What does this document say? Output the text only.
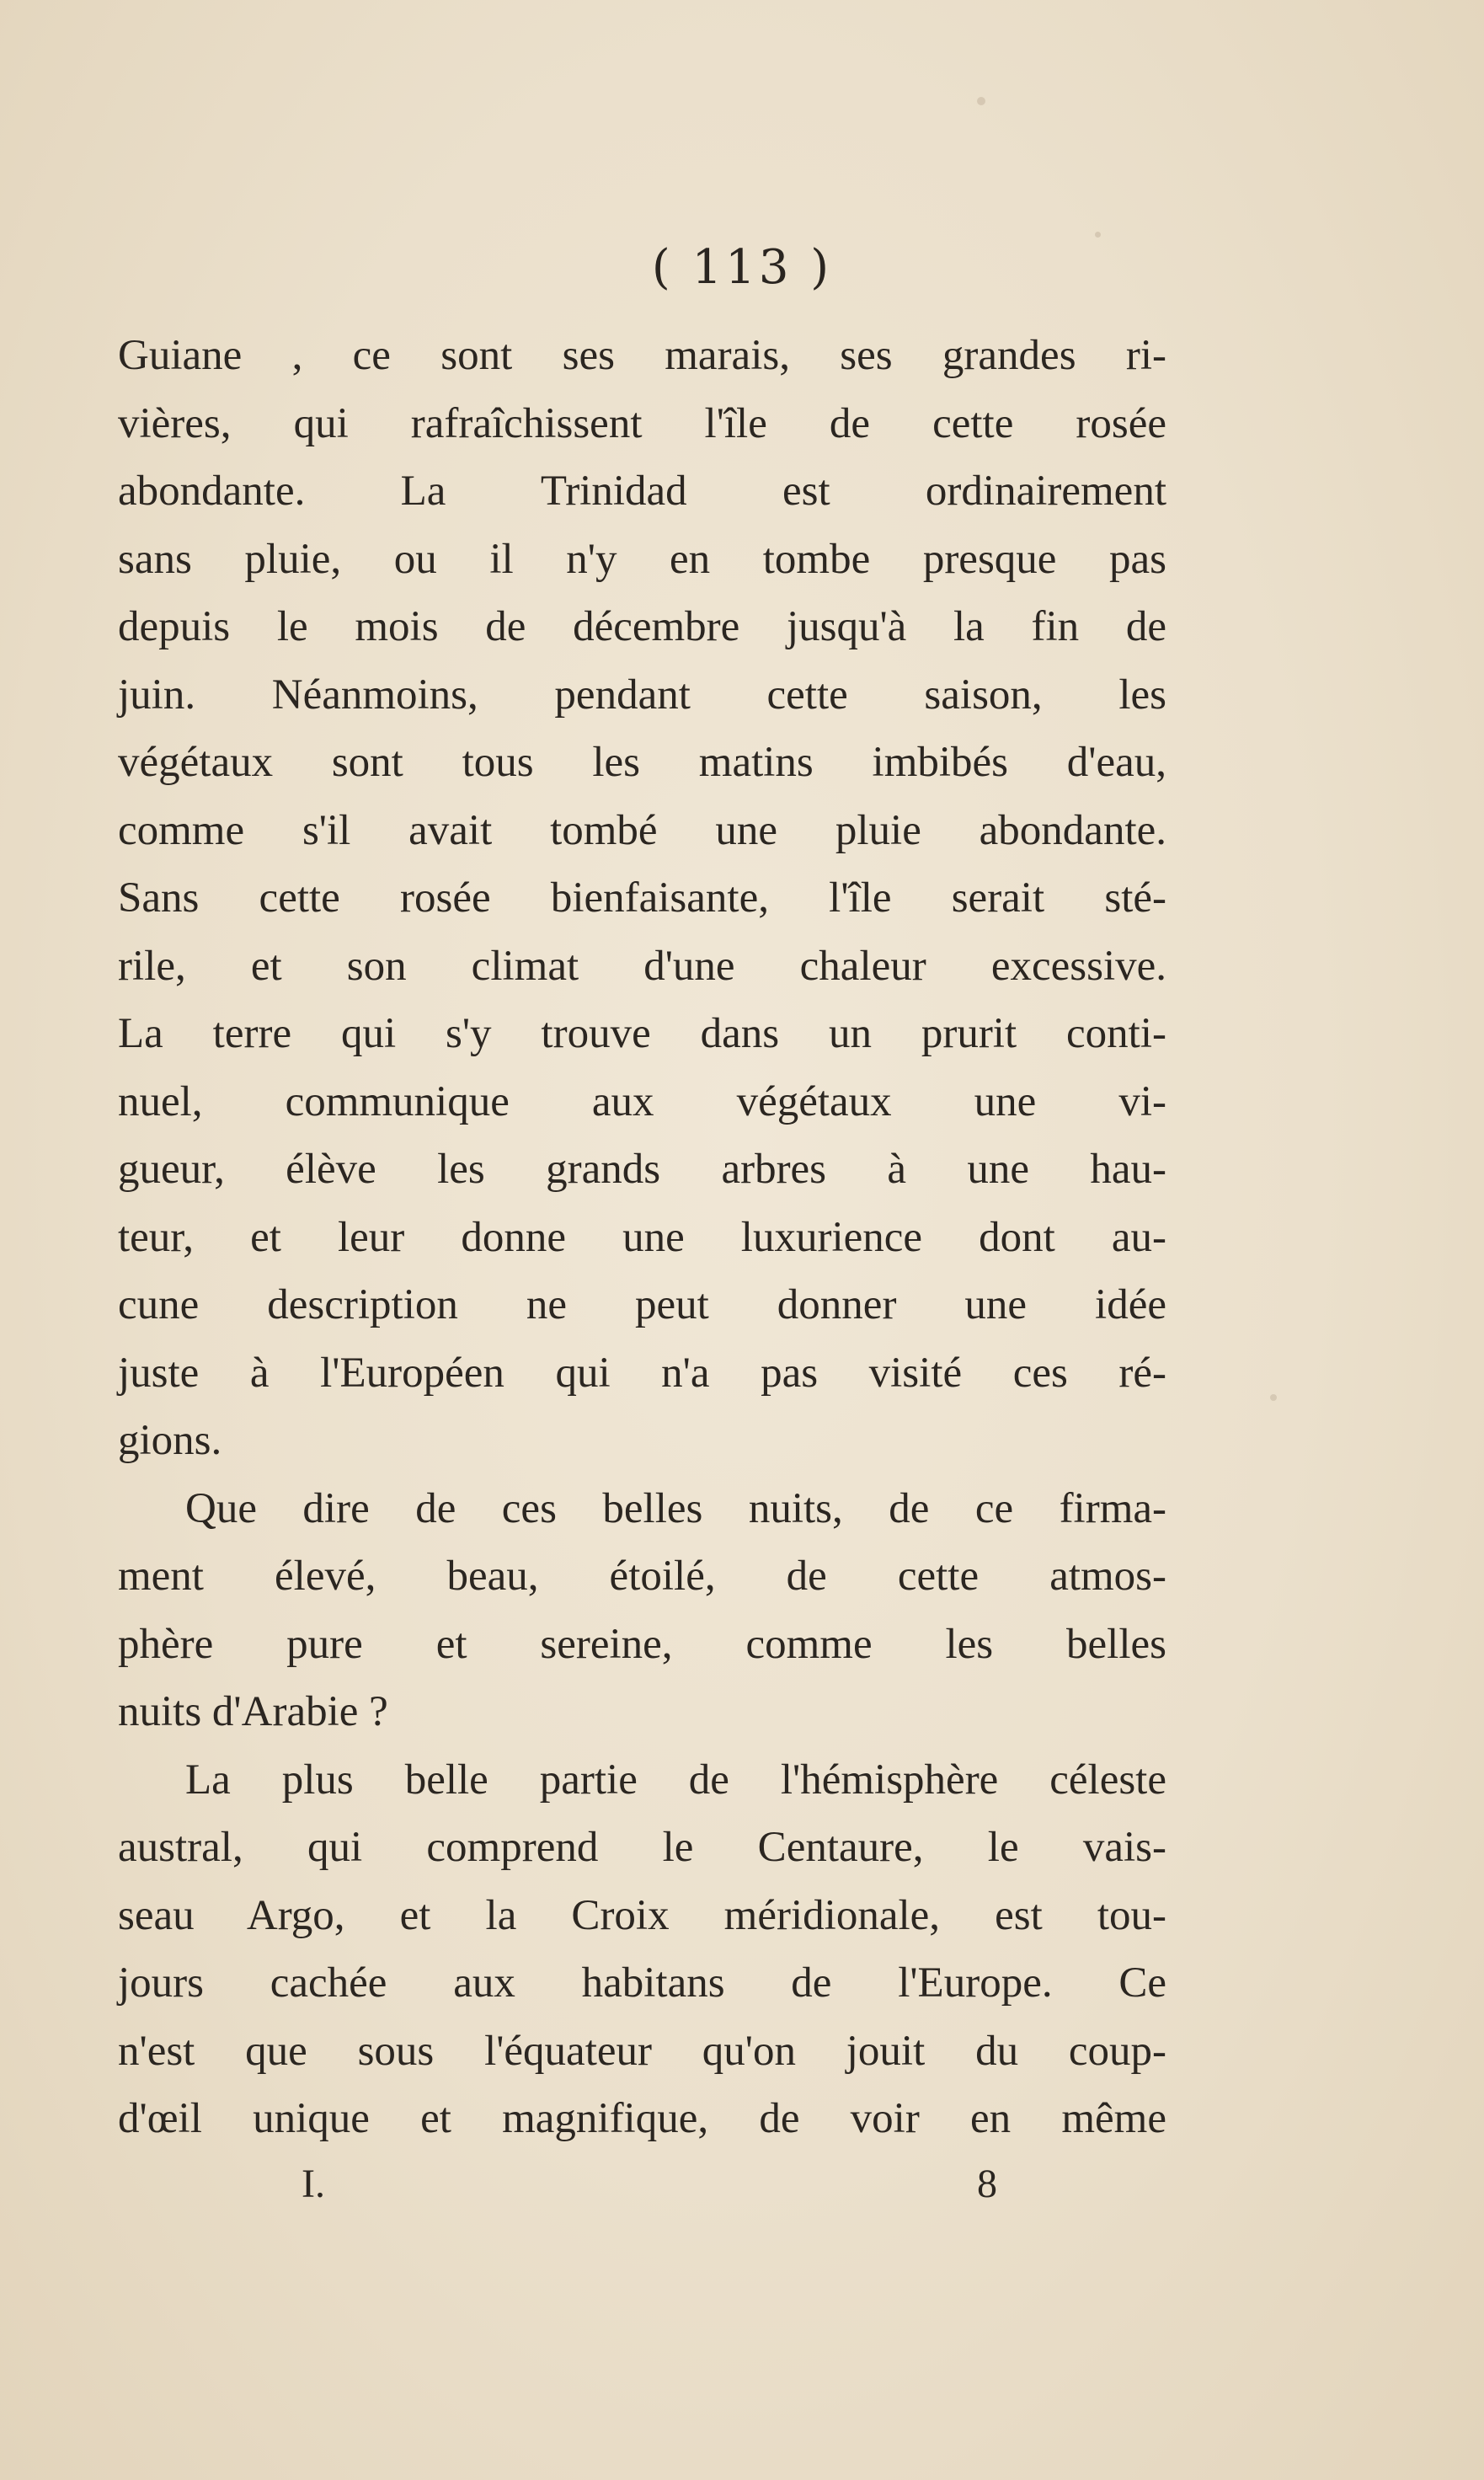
( 113 )
Guiane , ce sont ses marais, ses grandes ri-
vières, qui rafraîchissent l'île de cette rosée
abondante. La Trinidad est ordinairement
sans pluie, ou il n'y en tombe presque pas
depuis le mois de décembre jusqu'à la fin de
juin. Néanmoins, pendant cette saison, les
végétaux sont tous les matins imbibés d'eau,
comme s'il avait tombé une pluie abondante.
Sans cette rosée bienfaisante, l'île serait sté-
rile, et son climat d'une chaleur excessive.
La terre qui s'y trouve dans un prurit conti-
nuel, communique aux végétaux une vi-
gueur, élève les grands arbres à une hau-
teur, et leur donne une luxurience dont au-
cune description ne peut donner une idée
juste à l'Européen qui n'a pas visité ces ré-
gions.
Que dire de ces belles nuits, de ce firma-
ment élevé, beau, étoilé, de cette atmos-
phère pure et sereine, comme les belles
nuits d'Arabie ?
La plus belle partie de l'hémisphère céleste
austral, qui comprend le Centaure, le vais-
seau Argo, et la Croix méridionale, est tou-
jours cachée aux habitans de l'Europe. Ce
n'est que sous l'équateur qu'on jouit du coup-
d'œil unique et magnifique, de voir en même
I.	8
